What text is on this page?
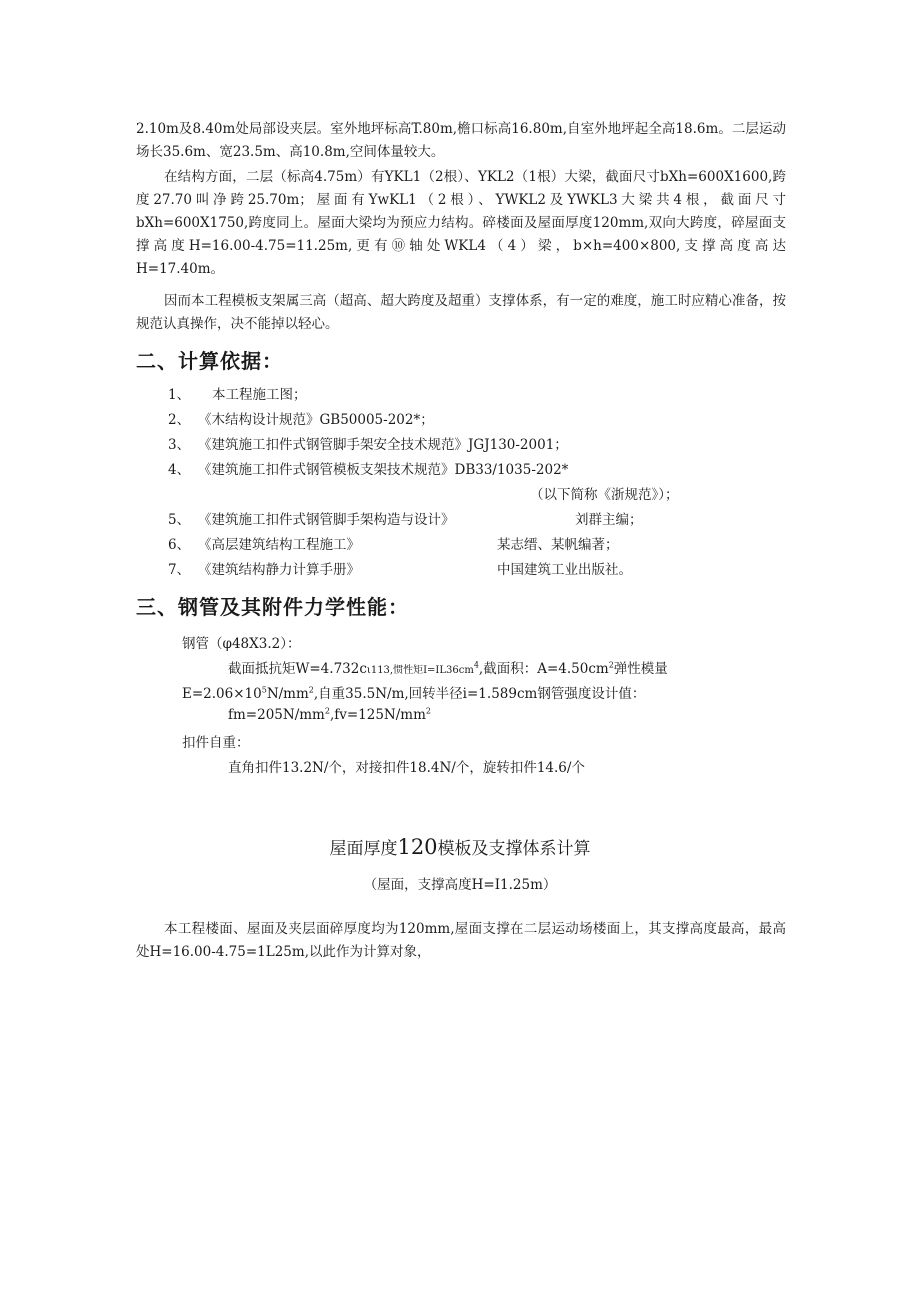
2.10m及8.40m处局部设夹层。室外地坪标高T.80m,檐口标高16.80m,自室外地坪起全高18.6m。二层运动场长35.6m、宽23.5m、高10.8m,空间体量较大。

在结构方面，二层（标高4.75m）有YKL1（2根）、YKL2（1根）大梁，截面尺寸bXh=600X1600,跨度27.70叫净跨25.70m；屋面有YwKL1（2根）、YWKL2及YWKL3大梁共4根，截面尺寸bXh=600X1750,跨度同上。屋面大梁均为预应力结构。碎楼面及屋面厚度120mm,双向大跨度，碎屋面支撑高度H=16.00-4.75=11.25m,更有⑩轴处WKL4（4）梁，b×h=400×800,支撑高度高达H=17.40m。

因而本工程模板支架属三高（超高、超大跨度及超重）支撑体系，有一定的难度，施工时应精心准备，按规范认真操作，决不能掉以轻心。

二、计算依据：

1、 本工程施工图；

2、 《木结构设计规范》GB50005-202*；

3、 《建筑施工扣件式钢管脚手架安全技术规范》JGJ130-2001；

4、 《建筑施工扣件式钢管模板支架技术规范》DB33/1035-202*

（以下简称《浙规范》）；

5、 《建筑施工扣件式钢管脚手架构造与设计》	刘群主编；

6、 《高层建筑结构工程施工》	某志缙、某帆编著；

7、 《建筑结构静力计算手册》	中国建筑工业出版社。

三、钢管及其附件力学性能：

钢管（φ48X3.2）：

截面抵抗矩W=4.732cι113,惯性矩$I=IL36cm^4$,截面积：$A=4.50cm^2$弹性模量

$E=2.06\times 10^5N/mm^2$,自重35.5N/m,回转半径i=1.589cm钢管强度设计值：

$fm=205N/mm^2,fv=125N/mm^2$

扣件自重：

直角扣件13.2N/个，对接扣件18.4N/个，旋转扣件14.6/个

屋面厚度120模板及支撑体系计算

（屋面，支撑高度H=I1.25m）

本工程楼面、屋面及夹层面碎厚度均为120mm,屋面支撑在二层运动场楼面上，其支撑高度最高，最高处H=16.00-4.75=1L25m,以此作为计算对象，
